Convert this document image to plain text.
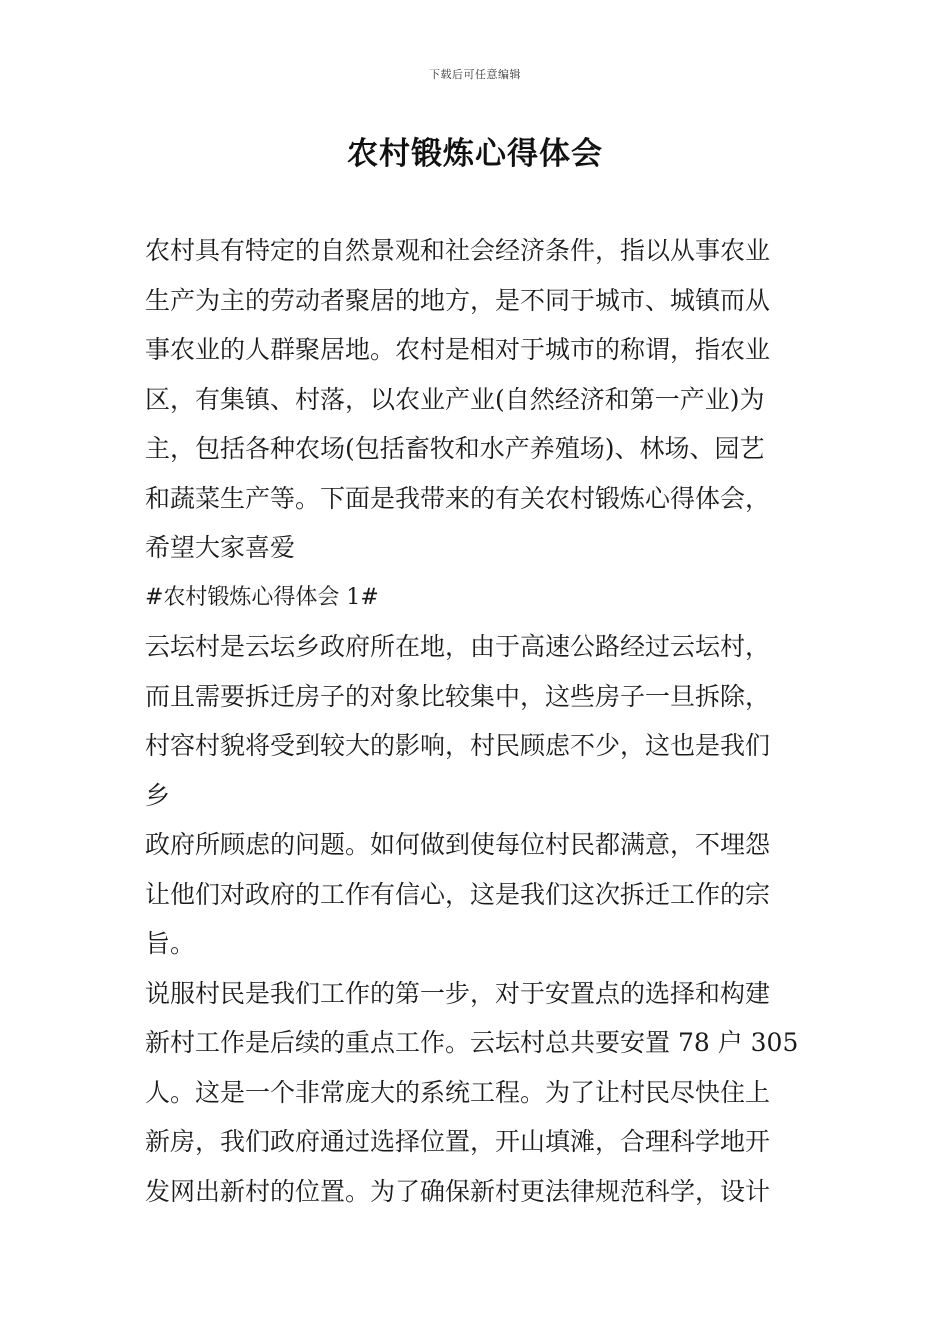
下载后可任意编辑
农村锻炼心得体会
农村具有特定的自然景观和社会经济条件，指以从事农业
生产为主的劳动者聚居的地方，是不同于城市、城镇而从
事农业的人群聚居地。农村是相对于城市的称谓，指农业
区，有集镇、村落，以农业产业(自然经济和第一产业)为
主，包括各种农场(包括畜牧和水产养殖场)、林场、园艺
和蔬菜生产等。下面是我带来的有关农村锻炼心得体会，
希望大家喜爱
#农村锻炼心得体会 1#
云坛村是云坛乡政府所在地，由于高速公路经过云坛村，
而且需要拆迁房子的对象比较集中，这些房子一旦拆除，
村容村貌将受到较大的影响，村民顾虑不少，这也是我们
乡
政府所顾虑的问题。如何做到使每位村民都满意，不埋怨
让他们对政府的工作有信心，这是我们这次拆迁工作的宗
旨。
说服村民是我们工作的第一步，对于安置点的选择和构建
新村工作是后续的重点工作。云坛村总共要安置 78 户 305
人。这是一个非常庞大的系统工程。为了让村民尽快住上
新房，我们政府通过选择位置，开山填滩，合理科学地开
发网出新村的位置。为了确保新村更法律规范科学，设计
